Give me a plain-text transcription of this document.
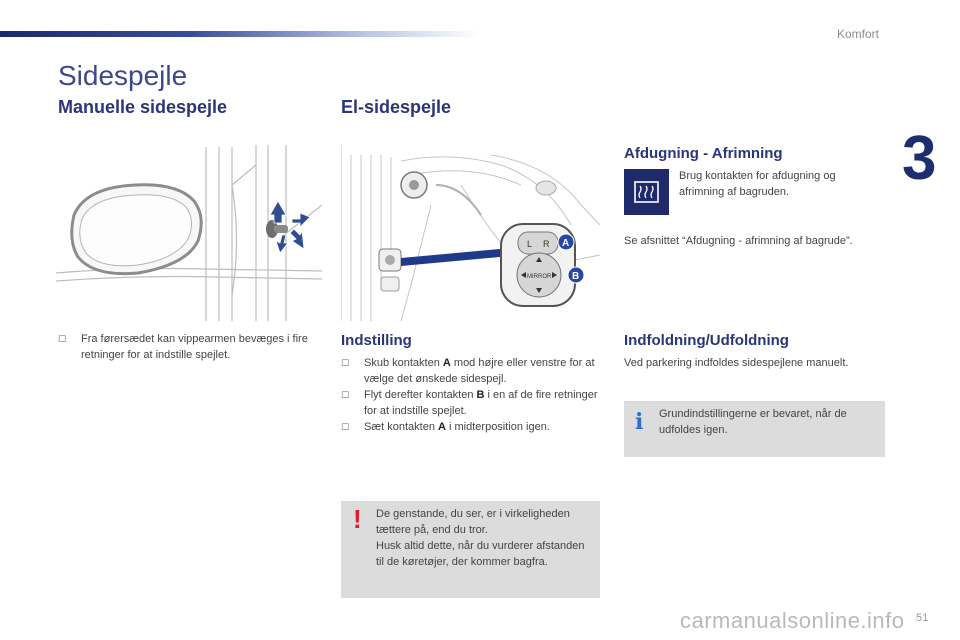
Komfort
3
Sidespejle
Manuelle sidespejle
☐ Fra førersædet kan vippearmen bevæges i fire retninger for at indstille spejlet.
El-sidespejle
L R
MIRROR
A
B
Indstilling
☐ Skub kontakten A mod højre eller venstre for at vælge det ønskede sidespejl.
☐ Flyt derefter kontakten B i en af de fire retninger for at indstille spejlet.
☐ Sæt kontakten A i midterposition igen.
! De genstande, du ser, er i virkeligheden tættere på, end du tror.
Husk altid dette, når du vurderer afstanden til de køretøjer, der kommer bagfra.
Afdugning - Afrimning
Brug kontakten for afdugning og afrimning af bagruden.
Se afsnittet “Afdugning - afrimning af bagrude”.
Indfoldning/Udfoldning
Ved parkering indfoldes sidespejlene manuelt.
i Grundindstillingerne er bevaret, når de udfoldes igen.
carmanualsonline.info 51
